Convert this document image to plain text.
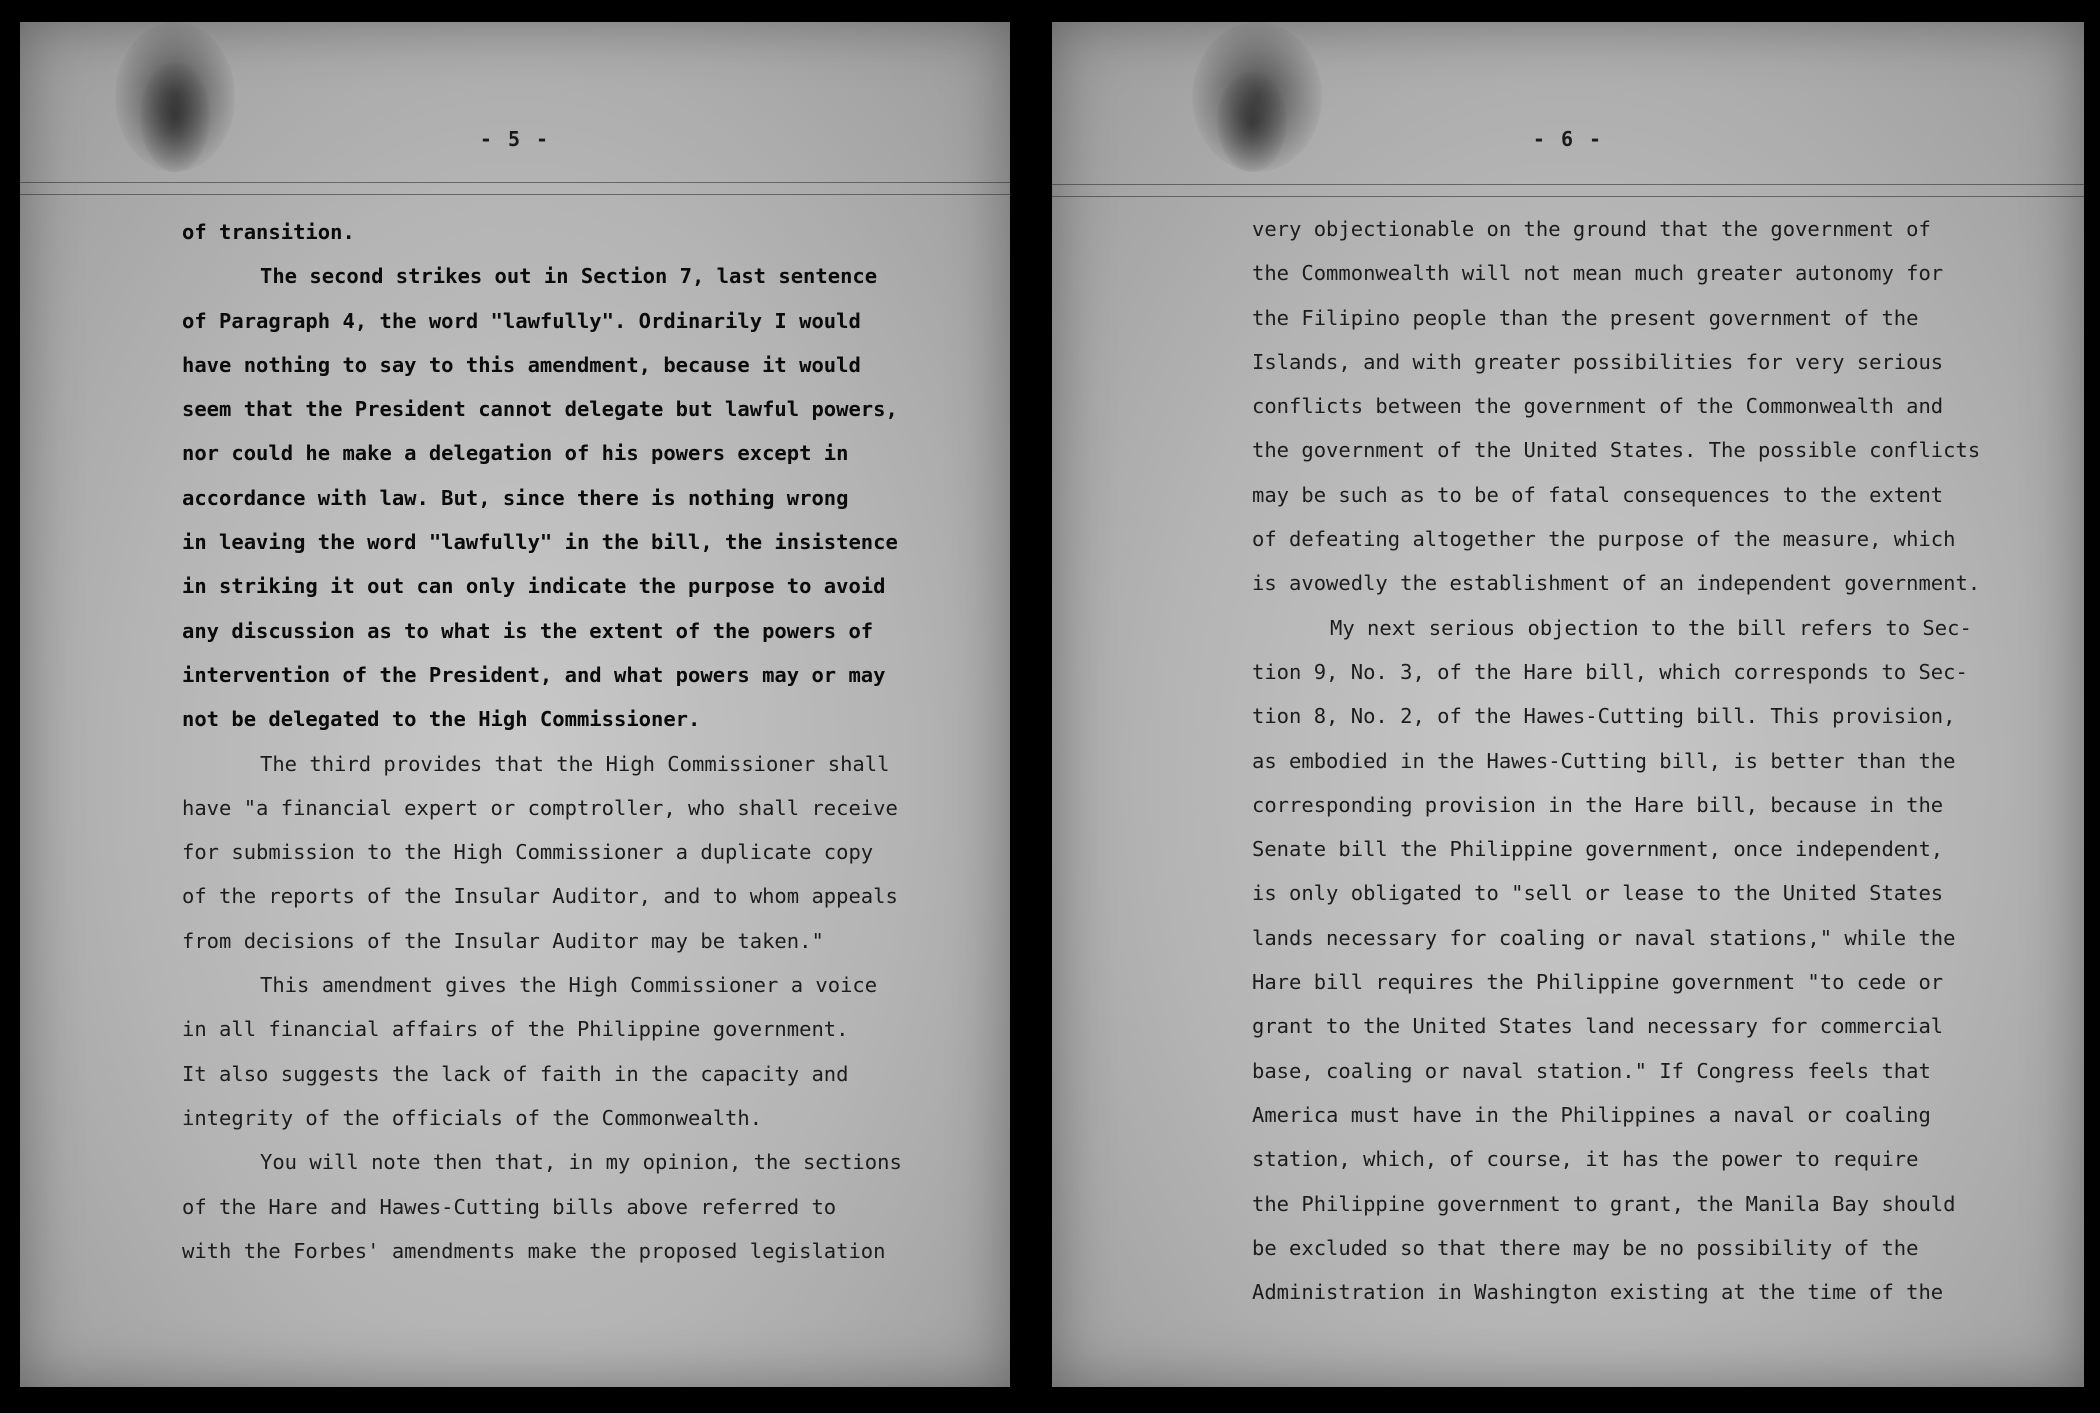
- 5 -
of transition.
The second strikes out in Section 7, last sentence
of Paragraph 4, the word "lawfully". Ordinarily I would
have nothing to say to this amendment, because it would
seem that the President cannot delegate but lawful powers,
nor could he make a delegation of his powers except in
accordance with law. But, since there is nothing wrong
in leaving the word "lawfully" in the bill, the insistence
in striking it out can only indicate the purpose to avoid
any discussion as to what is the extent of the powers of
intervention of the President, and what powers may or may
not be delegated to the High Commissioner.
The third provides that the High Commissioner shall
have "a financial expert or comptroller, who shall receive
for submission to the High Commissioner a duplicate copy
of the reports of the Insular Auditor, and to whom appeals
from decisions of the Insular Auditor may be taken."
This amendment gives the High Commissioner a voice
in all financial affairs of the Philippine government.
It also suggests the lack of faith in the capacity and
integrity of the officials of the Commonwealth.
You will note then that, in my opinion, the sections
of the Hare and Hawes-Cutting bills above referred to
with the Forbes' amendments make the proposed legislation
- 6 -
very objectionable on the ground that the government of
the Commonwealth will not mean much greater autonomy for
the Filipino people than the present government of the
Islands, and with greater possibilities for very serious
conflicts between the government of the Commonwealth and
the government of the United States. The possible conflicts
may be such as to be of fatal consequences to the extent
of defeating altogether the purpose of the measure, which
is avowedly the establishment of an independent government.
My next serious objection to the bill refers to Sec-
tion 9, No. 3, of the Hare bill, which corresponds to Sec-
tion 8, No. 2, of the Hawes-Cutting bill. This provision,
as embodied in the Hawes-Cutting bill, is better than the
corresponding provision in the Hare bill, because in the
Senate bill the Philippine government, once independent,
is only obligated to "sell or lease to the United States
lands necessary for coaling or naval stations," while the
Hare bill requires the Philippine government "to cede or
grant to the United States land necessary for commercial
base, coaling or naval station." If Congress feels that
America must have in the Philippines a naval or coaling
station, which, of course, it has the power to require
the Philippine government to grant, the Manila Bay should
be excluded so that there may be no possibility of the
Administration in Washington existing at the time of the
